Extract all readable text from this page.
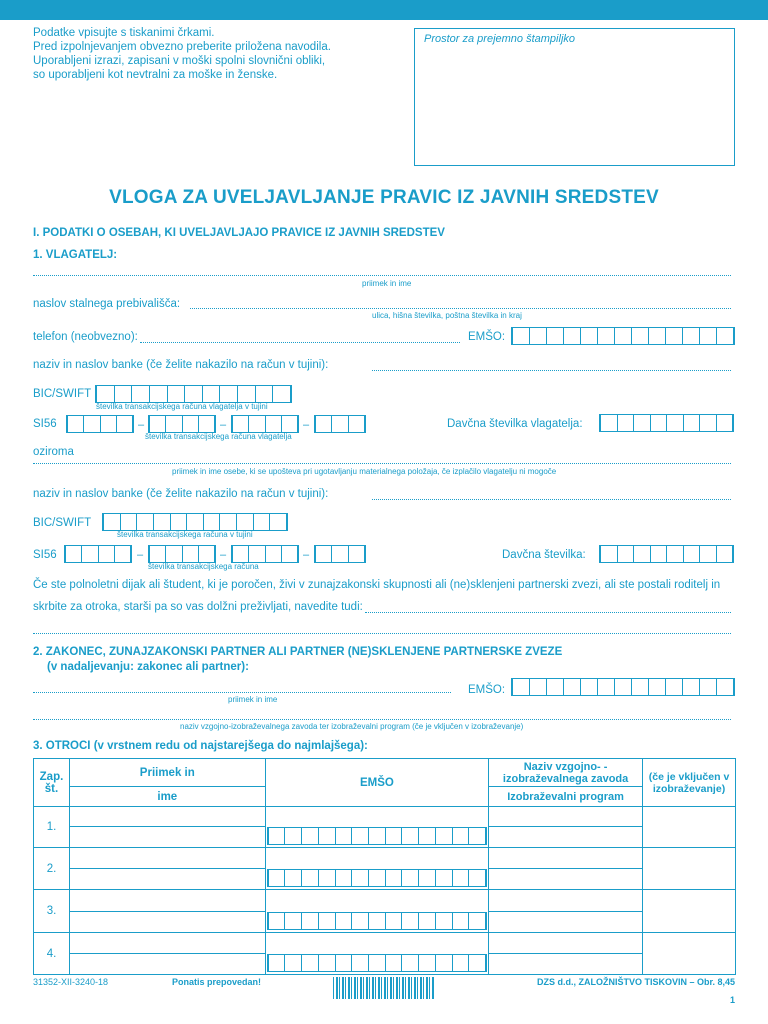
Podatke vpisujte s tiskanimi črkami.
Pred izpolnjevanjem obvezno preberite priložena navodila.
Uporabljeni izrazi, zapisani v moški spolni slovnični obliki,
so uporabljeni kot nevtralni za moške in ženske.
Prostor za prejemno štampiljko
VLOGA ZA UVELJAVLJANJE PRAVIC IZ JAVNIH SREDSTEV
I. PODATKI O OSEBAH, KI UVELJAVLJAJO PRAVICE IZ JAVNIH SREDSTEV
1. VLAGATELJ:
priimek in ime
naslov stalnega prebivališča:
ulica, hišna številka, poštna številka in kraj
telefon (neobvezno):	EMŠO:
naziv in naslov banke (če želite nakazilo na račun v tujini):
BIC/SWIFT
številka transakcijskega računa vlagatelja v tujini
SI56	–	–	–
številka transakcijskega računa vlagatelja
Davčna številka vlagatelja:
oziroma
priimek in ime osebe, ki se upošteva pri ugotavljanju materialnega položaja, če izplačilo vlagatelju ni mogoče
naziv in naslov banke (če želite nakazilo na račun v tujini):
BIC/SWIFT
številka transakcijskega računa v tujini
SI56	–	–	–
številka transakcijskega računa
Davčna številka:
Če ste polnoletni dijak ali študent, ki je poročen, živi v zunajzakonski skupnosti ali (ne)sklenjeni partnerski zvezi, ali ste postali roditelj in
skrbite za otroka, starši pa so vas dolžni preživljati, navedite tudi:
2. ZAKONEC, ZUNAJZAKONSKI PARTNER ALI PARTNER (NE)SKLENJENE PARTNERSKE ZVEZE
(v nadaljevanju: zakonec ali partner):
priimek in ime
EMŠO:
naziv vzgojno-izobraževalnega zavoda ter izobraževalni program (če je vključen v izobraževanje)
3. OTROCI (v vrstnem redu od najstarejšega do najmlajšega):
Zap. št.	Priimek in	EMŠO	Naziv vzgojno- -izobraževalnega zavoda	(če je vključen v izobraževanje)
	ime		Izobraževalni program	
1.				

2.				

3.				

4.				

31352-XII-3240-18	Ponatis prepovedan!	DZS d.d., ZALOŽNIŠTVO TISKOVIN – Obr. 8,45
1
